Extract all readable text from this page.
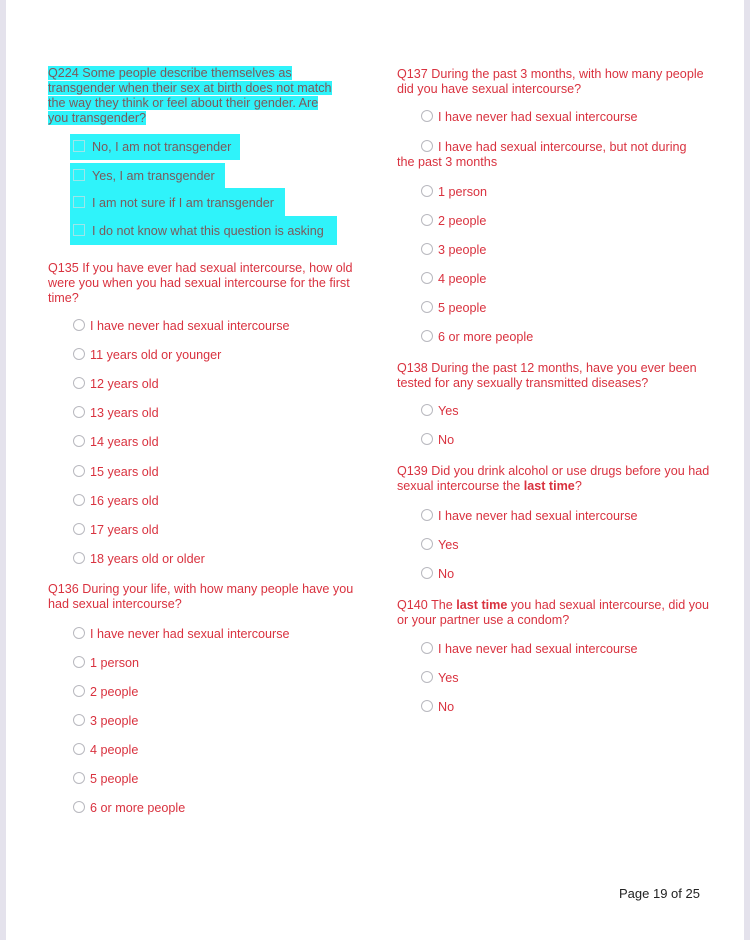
Q224 Some people describe themselves as
transgender when their sex at birth does not match
the way they think or feel about their gender. Are
you transgender?
No, I am not transgender
Yes, I am transgender
I am not sure if I am transgender
I do not know what this question is asking

Q135 If you have ever had sexual intercourse, how old were you when you had sexual intercourse for the first time?

I have never had sexual intercourse
11 years old or younger
12 years old
13 years old
14 years old
15 years old
16 years old
17 years old
18 years old or older

Q136 During your life, with how many people have you had sexual intercourse?

I have never had sexual intercourse
1 person
2 people
3 people
4 people
5 people
6 or more people

Q137 During the past 3 months, with how many people did you have sexual intercourse?

I have never had sexual intercourse
I have had sexual intercourse, but not during the past 3 months
1 person
2 people
3 people
4 people
5 people
6 or more people

Q138 During the past 12 months, have you ever been tested for any sexually transmitted diseases?

Yes
No

Q139 Did you drink alcohol or use drugs before you had sexual intercourse the last time?

I have never had sexual intercourse
Yes
No

Q140 The last time you had sexual intercourse, did you or your partner use a condom?

I have never had sexual intercourse
Yes
No
Page 19 of 25
